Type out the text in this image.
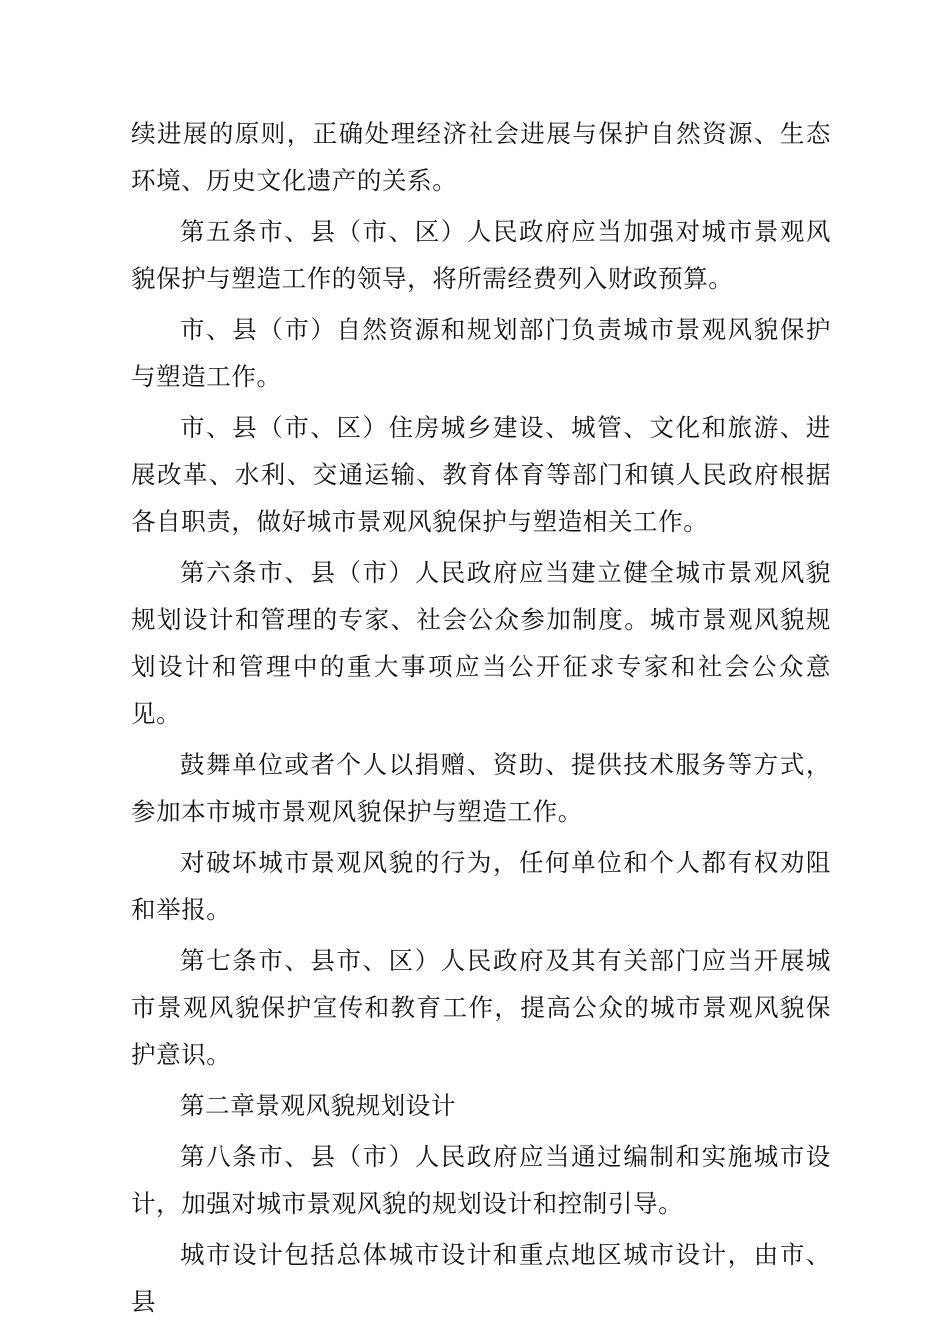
续进展的原则，正确处理经济社会进展与保护自然资源、生态环境、历史文化遗产的关系。

第五条市、县（市、区）人民政府应当加强对城市景观风貌保护与塑造工作的领导，将所需经费列入财政预算。

市、县（市）自然资源和规划部门负责城市景观风貌保护与塑造工作。

市、县（市、区）住房城乡建设、城管、文化和旅游、进展改革、水利、交通运输、教育体育等部门和镇人民政府根据各自职责，做好城市景观风貌保护与塑造相关工作。

第六条市、县（市）人民政府应当建立健全城市景观风貌规划设计和管理的专家、社会公众参加制度。城市景观风貌规划设计和管理中的重大事项应当公开征求专家和社会公众意见。

鼓舞单位或者个人以捐赠、资助、提供技术服务等方式，参加本市城市景观风貌保护与塑造工作。

对破坏城市景观风貌的行为，任何单位和个人都有权劝阻和举报。

第七条市、县市、区）人民政府及其有关部门应当开展城市景观风貌保护宣传和教育工作，提高公众的城市景观风貌保护意识。

第二章景观风貌规划设计

第八条市、县（市）人民政府应当通过编制和实施城市设计，加强对城市景观风貌的规划设计和控制引导。

城市设计包括总体城市设计和重点地区城市设计，由市、县
